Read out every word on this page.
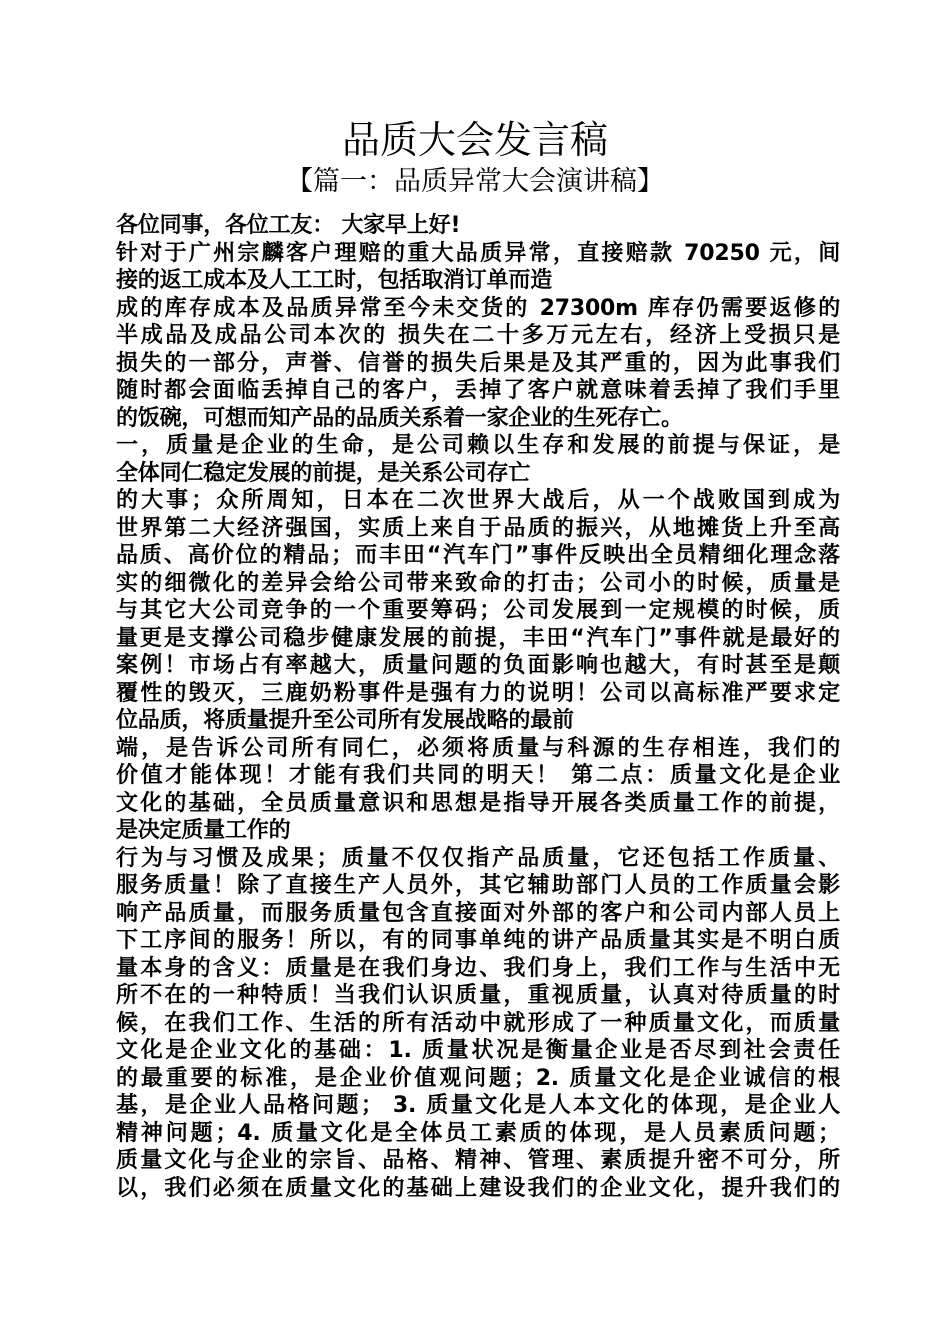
品质大会发言稿
【篇一：品质异常大会演讲稿】
各位同事，各位工友： 大家早上好!
针对于广州宗麟客户理赔的重大品质异常，直接赔款 70250 元，间
接的返工成本及人工工时，包括取消订单而造
成的库存成本及品质异常至今未交货的 27300m 库存仍需要返修的
半成品及成品公司本次的 损失在二十多万元左右，经济上受损只是
损失的一部分，声誉、信誉的损失后果是及其严重的，因为此事我们
随时都会面临丢掉自己的客户，丢掉了客户就意味着丢掉了我们手里
的饭碗，可想而知产品的品质关系着一家企业的生死存亡。
一，质量是企业的生命，是公司赖以生存和发展的前提与保证，是
全体同仁稳定发展的前提，是关系公司存亡
的大事；众所周知，日本在二次世界大战后，从一个战败国到成为
世界第二大经济强国，实质上来自于品质的振兴，从地摊货上升至高
品质、高价位的精品；而丰田“汽车门”事件反映出全员精细化理念落
实的细微化的差异会给公司带来致命的打击；公司小的时候，质量是
与其它大公司竞争的一个重要筹码；公司发展到一定规模的时候，质
量更是支撑公司稳步健康发展的前提，丰田“汽车门”事件就是最好的
案例！市场占有率越大，质量问题的负面影响也越大，有时甚至是颠
覆性的毁灭，三鹿奶粉事件是强有力的说明！公司以高标准严要求定
位品质，将质量提升至公司所有发展战略的最前
端，是告诉公司所有同仁，必须将质量与科源的生存相连，我们的
价值才能体现！才能有我们共同的明天！ 第二点：质量文化是企业
文化的基础，全员质量意识和思想是指导开展各类质量工作的前提，
是决定质量工作的
行为与习惯及成果；质量不仅仅指产品质量，它还包括工作质量、
服务质量！除了直接生产人员外，其它辅助部门人员的工作质量会影
响产品质量，而服务质量包含直接面对外部的客户和公司内部人员上
下工序间的服务！所以，有的同事单纯的讲产品质量其实是不明白质
量本身的含义：质量是在我们身边、我们身上，我们工作与生活中无
所不在的一种特质！当我们认识质量，重视质量，认真对待质量的时
候，在我们工作、生活的所有活动中就形成了一种质量文化，而质量
文化是企业文化的基础：1. 质量状况是衡量企业是否尽到社会责任
的最重要的标准，是企业价值观问题；2. 质量文化是企业诚信的根
基，是企业人品格问题； 3. 质量文化是人本文化的体现，是企业人
精神问题；4. 质量文化是全体员工素质的体现，是人员素质问题；
质量文化与企业的宗旨、品格、精神、管理、素质提升密不可分，所
以，我们必须在质量文化的基础上建设我们的企业文化，提升我们的
